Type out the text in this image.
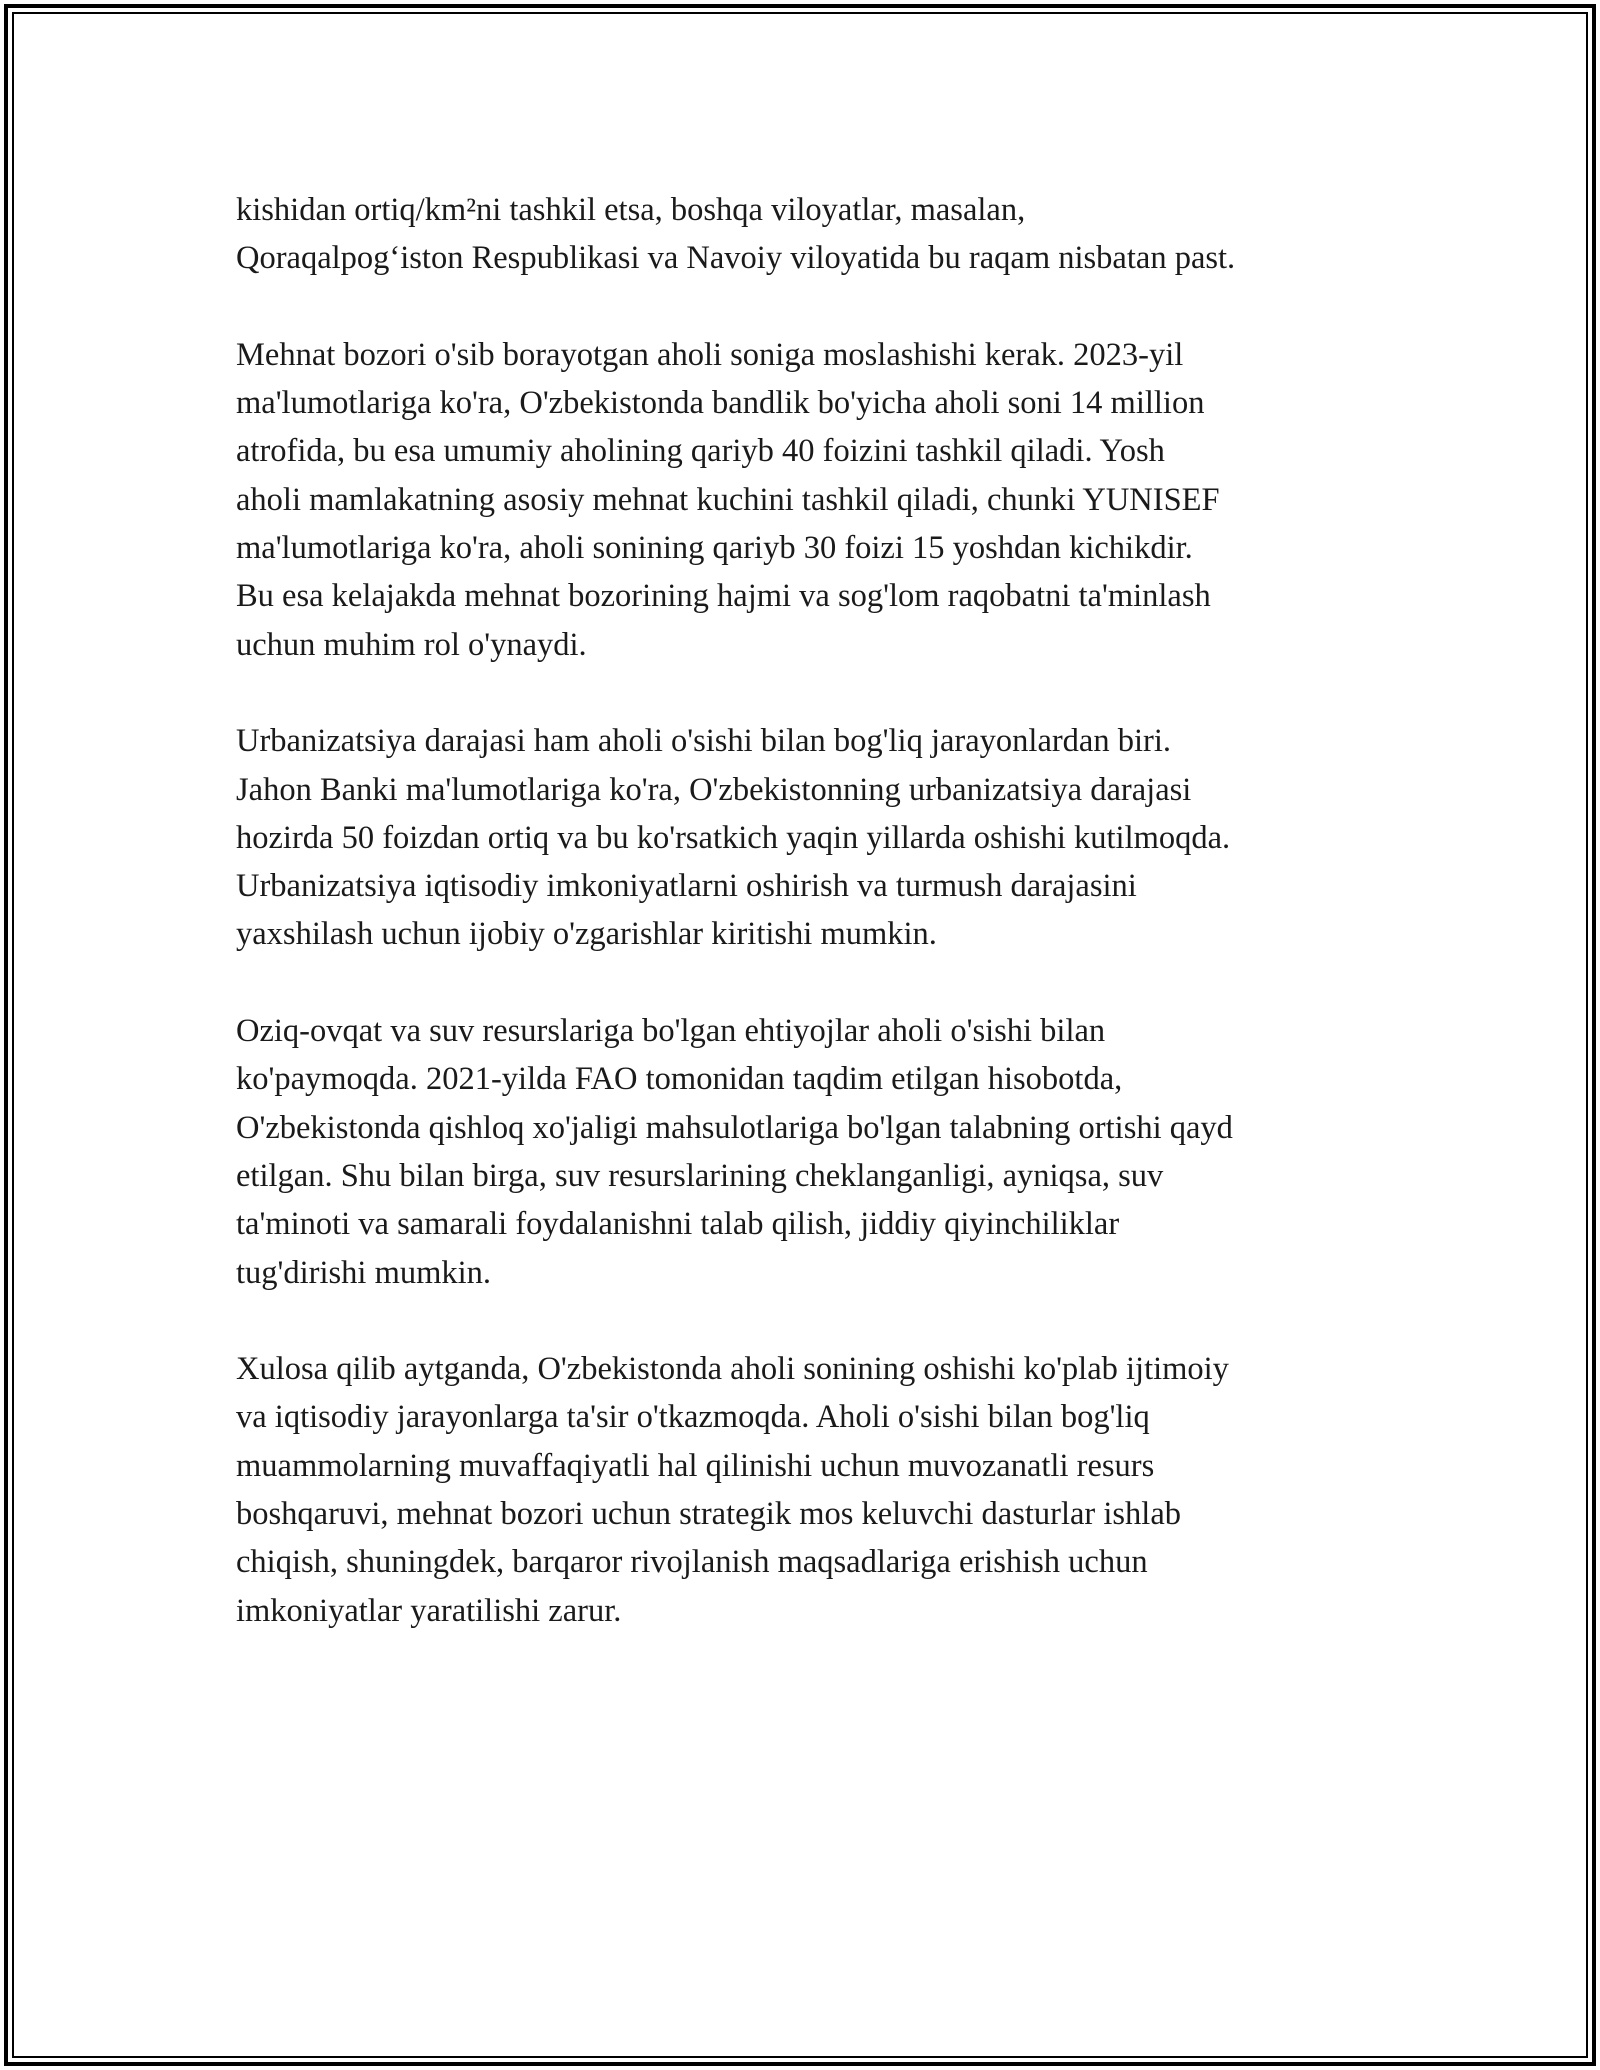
kishidan ortiq/km²ni tashkil etsa, boshqa viloyatlar, masalan,
Qoraqalpog‘iston Respublikasi va Navoiy viloyatida bu raqam nisbatan past.

Mehnat bozori o'sib borayotgan aholi soniga moslashishi kerak. 2023-yil
ma'lumotlariga ko'ra, O'zbekistonda bandlik bo'yicha aholi soni 14 million
atrofida, bu esa umumiy aholining qariyb 40 foizini tashkil qiladi. Yosh
aholi mamlakatning asosiy mehnat kuchini tashkil qiladi, chunki YUNISEF
ma'lumotlariga ko'ra, aholi sonining qariyb 30 foizi 15 yoshdan kichikdir.
Bu esa kelajakda mehnat bozorining hajmi va sog'lom raqobatni ta'minlash
uchun muhim rol o'ynaydi.

Urbanizatsiya darajasi ham aholi o'sishi bilan bog'liq jarayonlardan biri.
Jahon Banki ma'lumotlariga ko'ra, O'zbekistonning urbanizatsiya darajasi
hozirda 50 foizdan ortiq va bu ko'rsatkich yaqin yillarda oshishi kutilmoqda.
Urbanizatsiya iqtisodiy imkoniyatlarni oshirish va turmush darajasini
yaxshilash uchun ijobiy o'zgarishlar kiritishi mumkin.

Oziq-ovqat va suv resurslariga bo'lgan ehtiyojlar aholi o'sishi bilan
ko'paymoqda. 2021-yilda FAO tomonidan taqdim etilgan hisobotda,
O'zbekistonda qishloq xo'jaligi mahsulotlariga bo'lgan talabning ortishi qayd
etilgan. Shu bilan birga, suv resurslarining cheklanganligi, ayniqsa, suv
ta'minoti va samarali foydalanishni talab qilish, jiddiy qiyinchiliklar
tug'dirishi mumkin.

Xulosa qilib aytganda, O'zbekistonda aholi sonining oshishi ko'plab ijtimoiy
va iqtisodiy jarayonlarga ta'sir o'tkazmoqda. Aholi o'sishi bilan bog'liq
muammolarning muvaffaqiyatli hal qilinishi uchun muvozanatli resurs
boshqaruvi, mehnat bozori uchun strategik mos keluvchi dasturlar ishlab
chiqish, shuningdek, barqaror rivojlanish maqsadlariga erishish uchun
imkoniyatlar yaratilishi zarur.
